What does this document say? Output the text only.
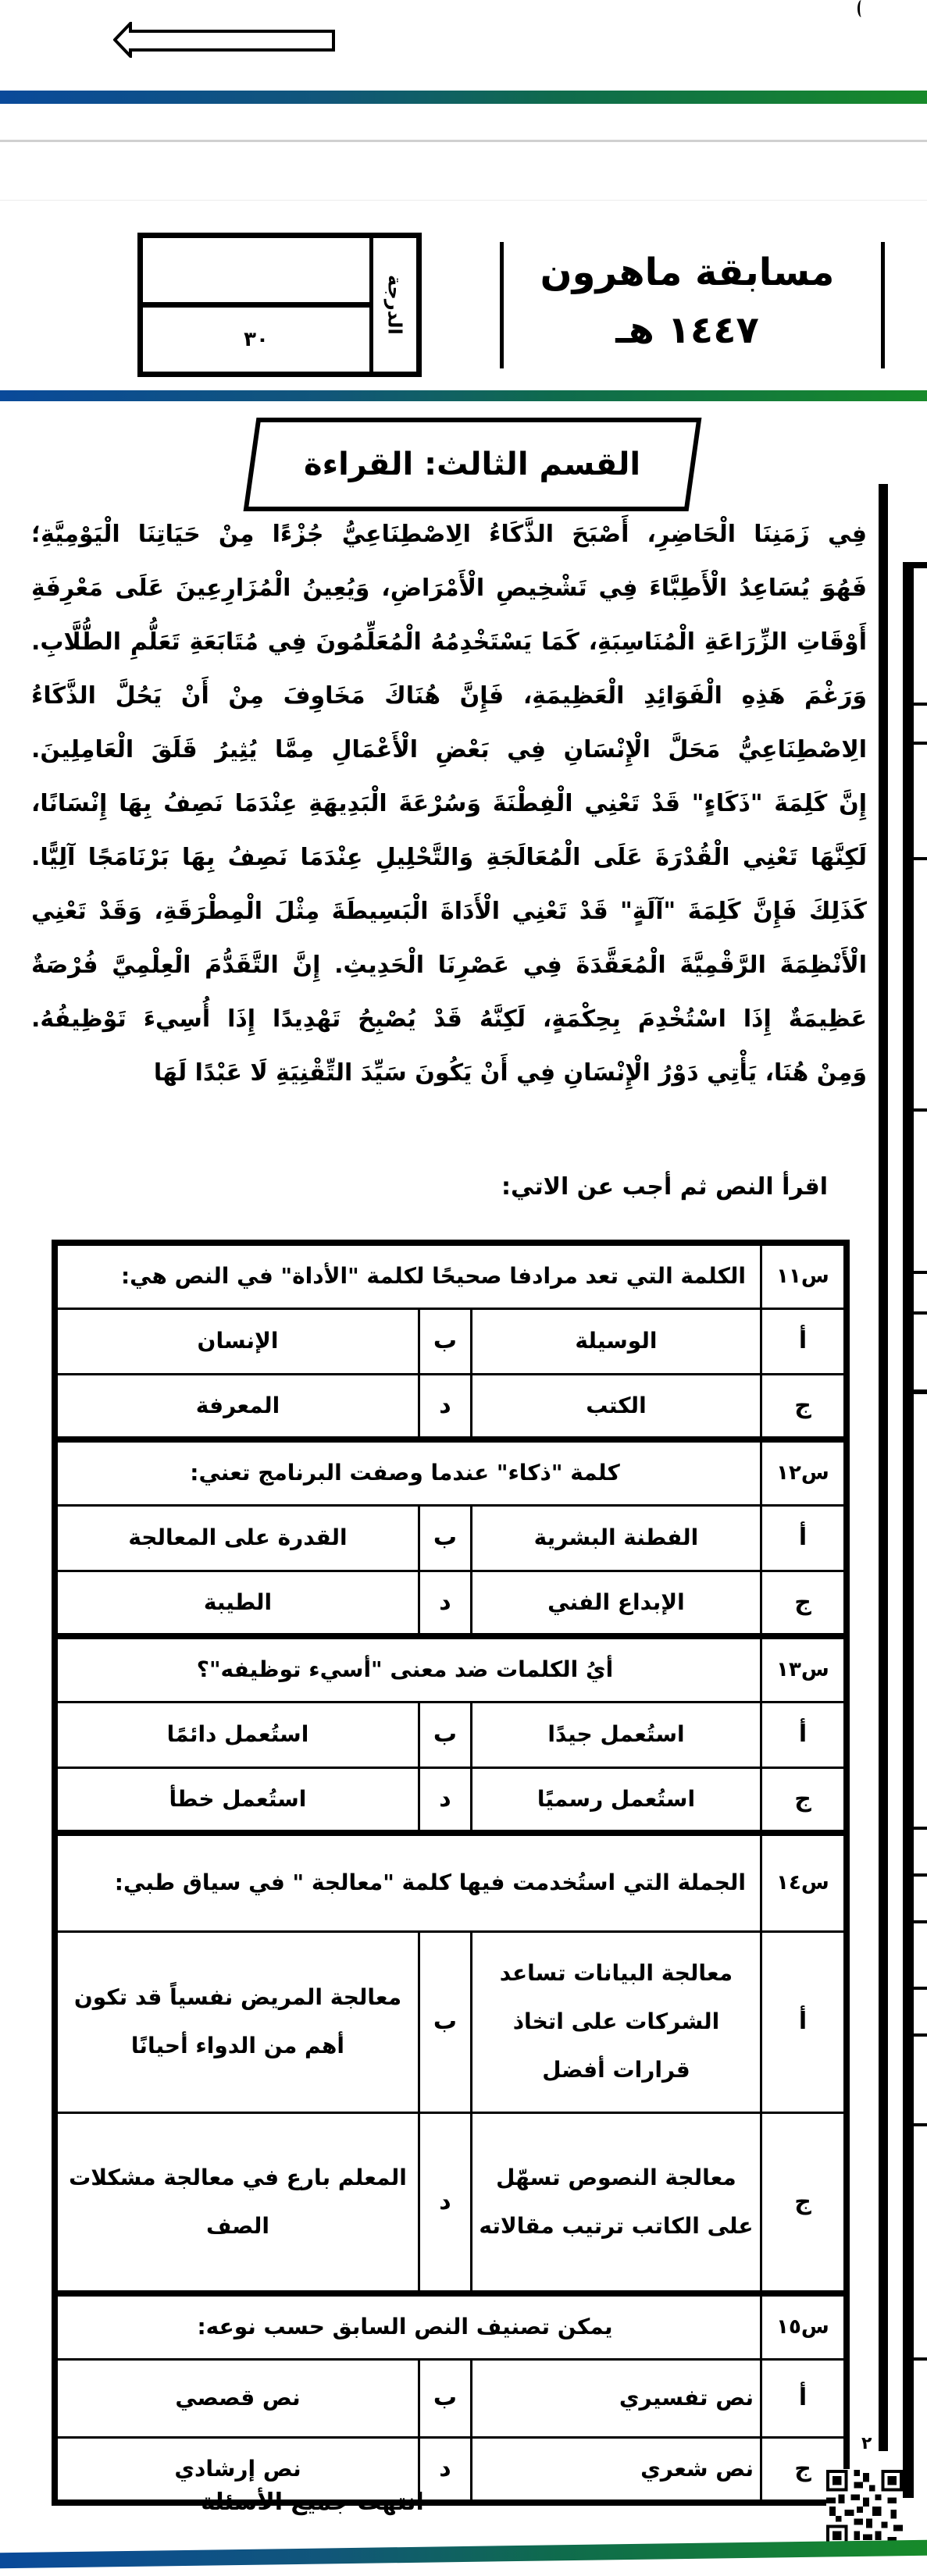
الدرجة
٣٠
مسابقة ماهرون
١٤٤٧ هـ
القسم الثالث: القراءة

فِي زَمَنِنَا الْحَاضِرِ، أَصْبَحَ الذَّكَاءُ الِاصْطِنَاعِيُّ جُزْءًا مِنْ حَيَاتِنَا الْيَوْمِيَّةِ؛

فَهُوَ يُسَاعِدُ الْأَطِبَّاءَ فِي تَشْخِيصِ الْأَمْرَاضِ، وَيُعِينُ الْمُزَارِعِينَ عَلَى مَعْرِفَةِ

أَوْقَاتِ الزِّرَاعَةِ الْمُنَاسِبَةِ، كَمَا يَسْتَخْدِمُهُ الْمُعَلِّمُونَ فِي مُتَابَعَةِ تَعَلُّمِ الطُّلَّابِ.

وَرَغْمَ هَذِهِ الْفَوَائِدِ الْعَظِيمَةِ، فَإِنَّ هُنَاكَ مَخَاوِفَ مِنْ أَنْ يَحُلَّ الذَّكَاءُ

الِاصْطِنَاعِيُّ مَحَلَّ الْإِنْسَانِ فِي بَعْضِ الْأَعْمَالِ مِمَّا يُثِيرُ قَلَقَ الْعَامِلِينَ.

إِنَّ كَلِمَةَ "ذَكَاءٍ" قَدْ تَعْنِي الْفِطْنَةَ وَسُرْعَةَ الْبَدِيهَةِ عِنْدَمَا نَصِفُ بِهَا إِنْسَانًا،

لَكِنَّهَا تَعْنِي الْقُدْرَةَ عَلَى الْمُعَالَجَةِ وَالتَّحْلِيلِ عِنْدَمَا نَصِفُ بِهَا بَرْنَامَجًا آلِيًّا.

كَذَلِكَ فَإِنَّ كَلِمَةَ "آلَةٍ" قَدْ تَعْنِي الْأَدَاةَ الْبَسِيطَةَ مِثْلَ الْمِطْرَقَةِ، وَقَدْ تَعْنِي

الْأَنْظِمَةَ الرَّقْمِيَّةَ الْمُعَقَّدَةَ فِي عَصْرِنَا الْحَدِيثِ. إِنَّ التَّقَدُّمَ الْعِلْمِيَّ فُرْصَةٌ

عَظِيمَةٌ إِذَا اسْتُخْدِمَ بِحِكْمَةٍ، لَكِنَّهُ قَدْ يُصْبِحُ تَهْدِيدًا إِذَا أُسِيءَ تَوْظِيفُهُ.

وَمِنْ هُنَا، يَأْتِي دَوْرُ الْإِنْسَانِ فِي أَنْ يَكُونَ سَيِّدَ التِّقْنِيَةِ لَا عَبْدًا لَهَا

اقرأ النص ثم أجب عن الاتي:
س١١	الكلمة التي تعد مرادفا صحيحًا لكلمة "الأداة" في النص هي:		
أ	الوسيلة	ب	الإنسان
ج	الكتب	د	المعرفة
س١٢	كلمة "ذكاء" عندما وصفت البرنامج تعني:		
أ	الفطنة البشرية	ب	القدرة على المعالجة
ج	الإبداع الفني	د	الطيبة
س١٣	أيُ الكلمات ضد معنى "أسيء توظيفه"؟		
أ	استُعمل جيدًا	ب	استُعمل دائمًا
ج	استُعمل رسميًا	د	استُعمل خطأ
س١٤	الجملة التي استُخدمت فيها كلمة "معالجة " في سياق طبي:		
أ	معالجة البيانات تساعد الشركات على اتخاذ قرارات أفضل	ب	معالجة المريض نفسياً قد تكون أهم من الدواء أحيانًا
ج	معالجة النصوص تسهّل على الكاتب ترتيب مقالاته	د	المعلم بارع في معالجة مشكلات الصف
س١٥	يمكن تصنيف النص السابق حسب نوعه:		
أ	نص تفسيري	ب	نص قصصي
ج	نص شعري	د	نص إرشادي
٢
انتهت جميع الأسئلة
